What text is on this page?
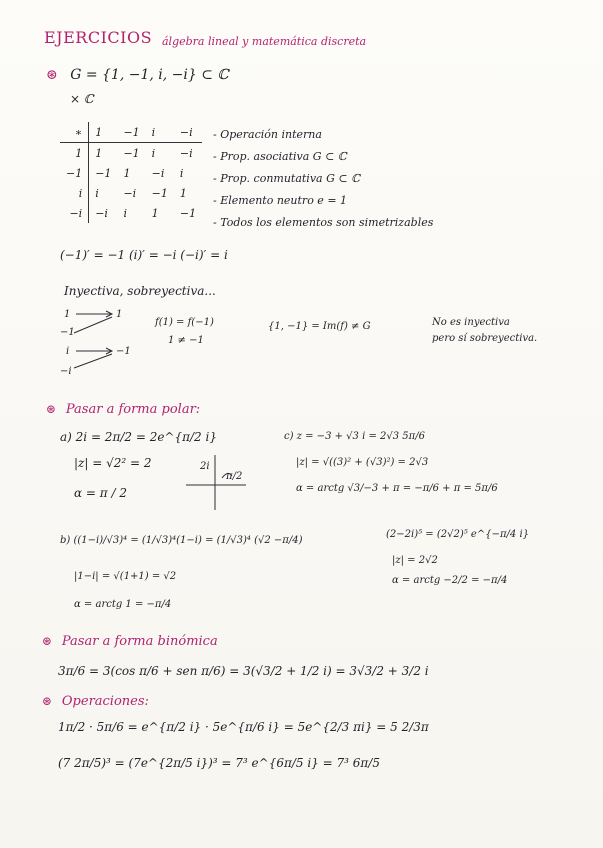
EJERCICIOS álgebra lineal y matemática discreta
⊛ G = {1, −1, i, −i} ⊂ ℂ
× ℂ
∗	1	−1	i	−i
1	1	−1	i	−i
−1	−1	1	−i	i
i	i	−i	−1	1
−i	−i	i	1	−1
- Operación interna
- Prop. asociativa G ⊂ ℂ
- Prop. conmutativa G ⊂ ℂ
- Elemento neutro e = 1
- Todos los elementos son simetrizables
(−1)′ = −1 (i)′ = −i (−i)′ = i
Inyectiva, sobreyectiva...
1
−1
i
−i
1
−1
f(1) = f(−1)
1 ≠ −1
{1, −1} = Im(f) ≠ G	No es inyectiva
pero sí sobreyectiva.
⊛ Pasar a forma polar:
a) 2i = 2π/2 = 2e^{π/2 i}
|z| = √2² = 2
α = π / 2
2i
π/2
c) z = −3 + √3 i = 2√3 5π/6
|z| = √((3)² + (√3)²) = 2√3
α = arctg √3/−3 + π = −π/6 + π = 5π/6
b) ((1−i)/√3)⁴ = (1/√3)⁴(1−i) = (1/√3)⁴ (√2 −π/4)
|1−i| = √(1+1) = √2
α = arctg 1 = −π/4
(2−2i)⁵ = (2√2)⁵ e^{−π/4 i}
|z| = 2√2
α = arctg −2/2 = −π/4
⊛ Pasar a forma binómica
3π/6 = 3(cos π/6 + sen π/6) = 3(√3/2 + 1/2 i) = 3√3/2 + 3/2 i
⊛ Operaciones:
1π/2 · 5π/6 = e^{π/2 i} · 5e^{π/6 i} = 5e^{2/3 πi} = 5 2/3π
(7 2π/5)³ = (7e^{2π/5 i})³ = 7³ e^{6π/5 i} = 7³ 6π/5
